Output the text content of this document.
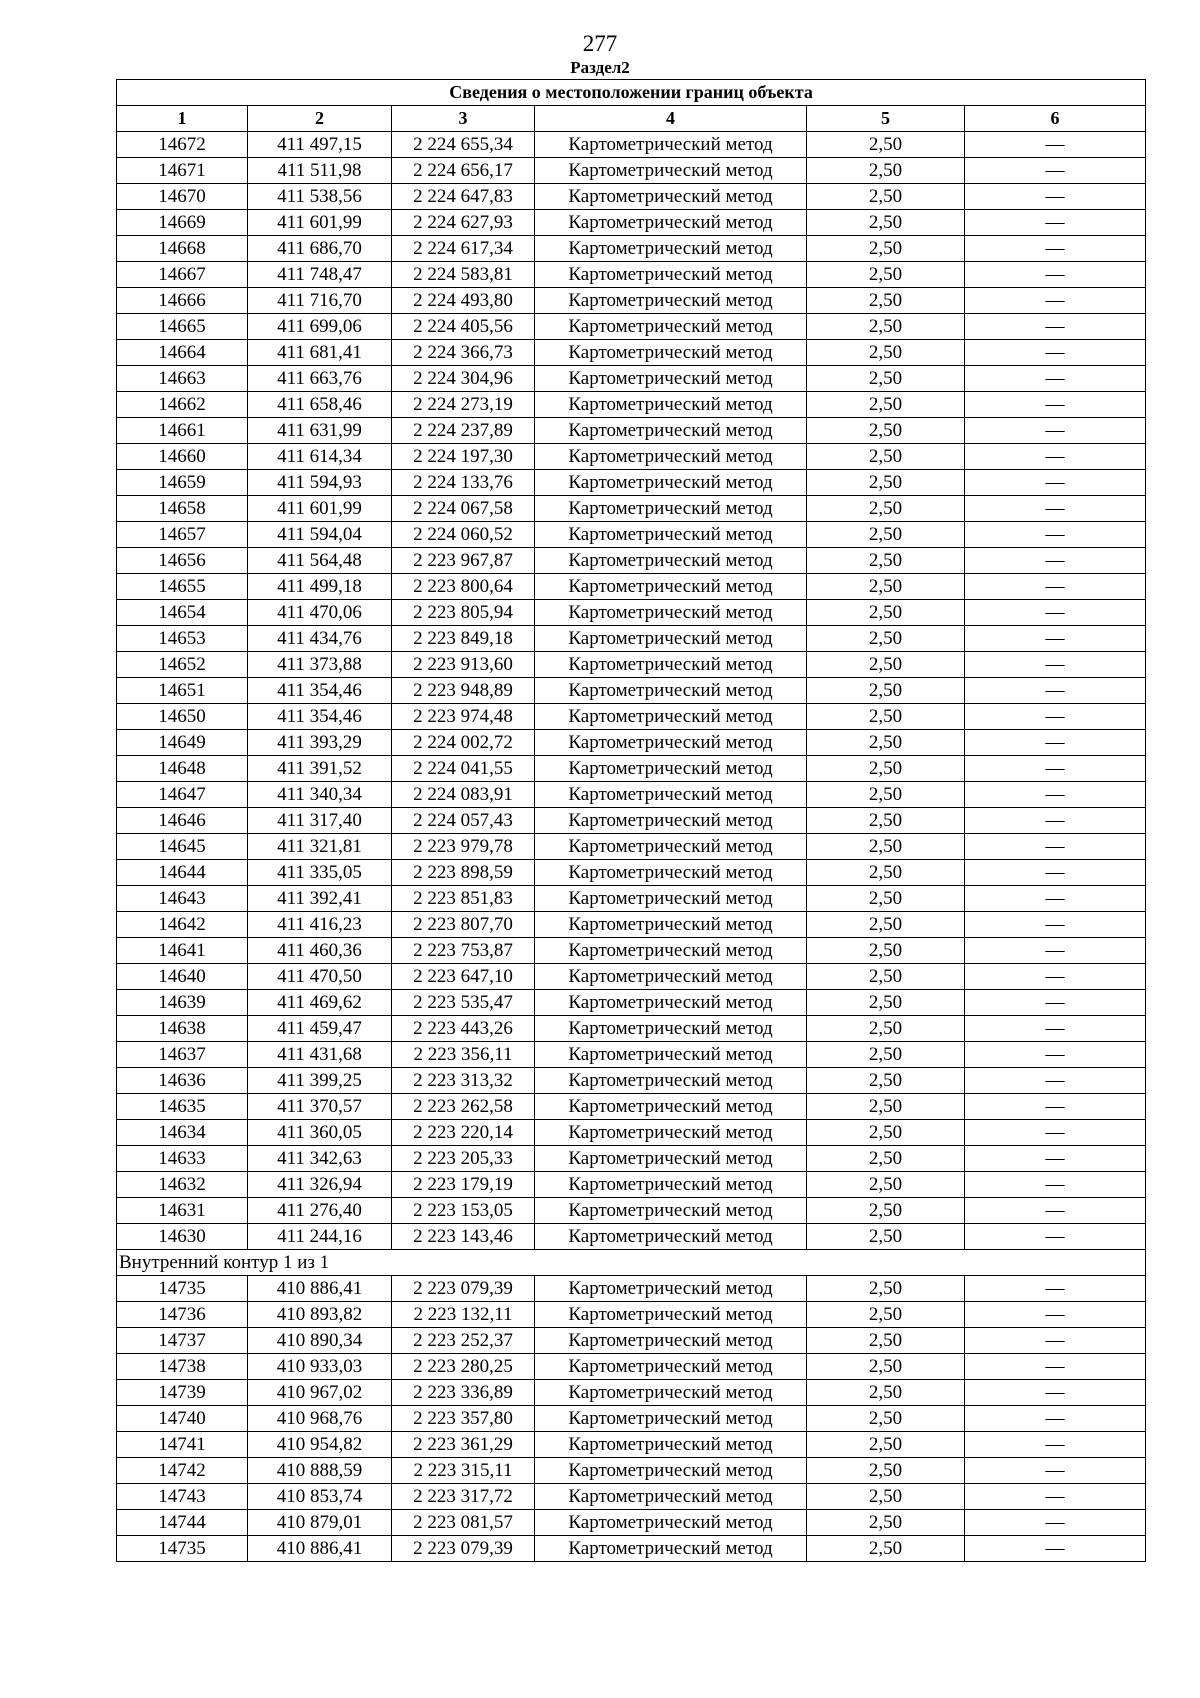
277
Раздел2
Сведения о местоположении границ объекта					
1	2	3	4	5	6
14672	411 497,15	2 224 655,34	Картометрический метод	2,50	—
14671	411 511,98	2 224 656,17	Картометрический метод	2,50	—
14670	411 538,56	2 224 647,83	Картометрический метод	2,50	—
14669	411 601,99	2 224 627,93	Картометрический метод	2,50	—
14668	411 686,70	2 224 617,34	Картометрический метод	2,50	—
14667	411 748,47	2 224 583,81	Картометрический метод	2,50	—
14666	411 716,70	2 224 493,80	Картометрический метод	2,50	—
14665	411 699,06	2 224 405,56	Картометрический метод	2,50	—
14664	411 681,41	2 224 366,73	Картометрический метод	2,50	—
14663	411 663,76	2 224 304,96	Картометрический метод	2,50	—
14662	411 658,46	2 224 273,19	Картометрический метод	2,50	—
14661	411 631,99	2 224 237,89	Картометрический метод	2,50	—
14660	411 614,34	2 224 197,30	Картометрический метод	2,50	—
14659	411 594,93	2 224 133,76	Картометрический метод	2,50	—
14658	411 601,99	2 224 067,58	Картометрический метод	2,50	—
14657	411 594,04	2 224 060,52	Картометрический метод	2,50	—
14656	411 564,48	2 223 967,87	Картометрический метод	2,50	—
14655	411 499,18	2 223 800,64	Картометрический метод	2,50	—
14654	411 470,06	2 223 805,94	Картометрический метод	2,50	—
14653	411 434,76	2 223 849,18	Картометрический метод	2,50	—
14652	411 373,88	2 223 913,60	Картометрический метод	2,50	—
14651	411 354,46	2 223 948,89	Картометрический метод	2,50	—
14650	411 354,46	2 223 974,48	Картометрический метод	2,50	—
14649	411 393,29	2 224 002,72	Картометрический метод	2,50	—
14648	411 391,52	2 224 041,55	Картометрический метод	2,50	—
14647	411 340,34	2 224 083,91	Картометрический метод	2,50	—
14646	411 317,40	2 224 057,43	Картометрический метод	2,50	—
14645	411 321,81	2 223 979,78	Картометрический метод	2,50	—
14644	411 335,05	2 223 898,59	Картометрический метод	2,50	—
14643	411 392,41	2 223 851,83	Картометрический метод	2,50	—
14642	411 416,23	2 223 807,70	Картометрический метод	2,50	—
14641	411 460,36	2 223 753,87	Картометрический метод	2,50	—
14640	411 470,50	2 223 647,10	Картометрический метод	2,50	—
14639	411 469,62	2 223 535,47	Картометрический метод	2,50	—
14638	411 459,47	2 223 443,26	Картометрический метод	2,50	—
14637	411 431,68	2 223 356,11	Картометрический метод	2,50	—
14636	411 399,25	2 223 313,32	Картометрический метод	2,50	—
14635	411 370,57	2 223 262,58	Картометрический метод	2,50	—
14634	411 360,05	2 223 220,14	Картометрический метод	2,50	—
14633	411 342,63	2 223 205,33	Картометрический метод	2,50	—
14632	411 326,94	2 223 179,19	Картометрический метод	2,50	—
14631	411 276,40	2 223 153,05	Картометрический метод	2,50	—
14630	411 244,16	2 223 143,46	Картометрический метод	2,50	—
Внутренний контур 1 из 1					
14735	410 886,41	2 223 079,39	Картометрический метод	2,50	—
14736	410 893,82	2 223 132,11	Картометрический метод	2,50	—
14737	410 890,34	2 223 252,37	Картометрический метод	2,50	—
14738	410 933,03	2 223 280,25	Картометрический метод	2,50	—
14739	410 967,02	2 223 336,89	Картометрический метод	2,50	—
14740	410 968,76	2 223 357,80	Картометрический метод	2,50	—
14741	410 954,82	2 223 361,29	Картометрический метод	2,50	—
14742	410 888,59	2 223 315,11	Картометрический метод	2,50	—
14743	410 853,74	2 223 317,72	Картометрический метод	2,50	—
14744	410 879,01	2 223 081,57	Картометрический метод	2,50	—
14735	410 886,41	2 223 079,39	Картометрический метод	2,50	—
